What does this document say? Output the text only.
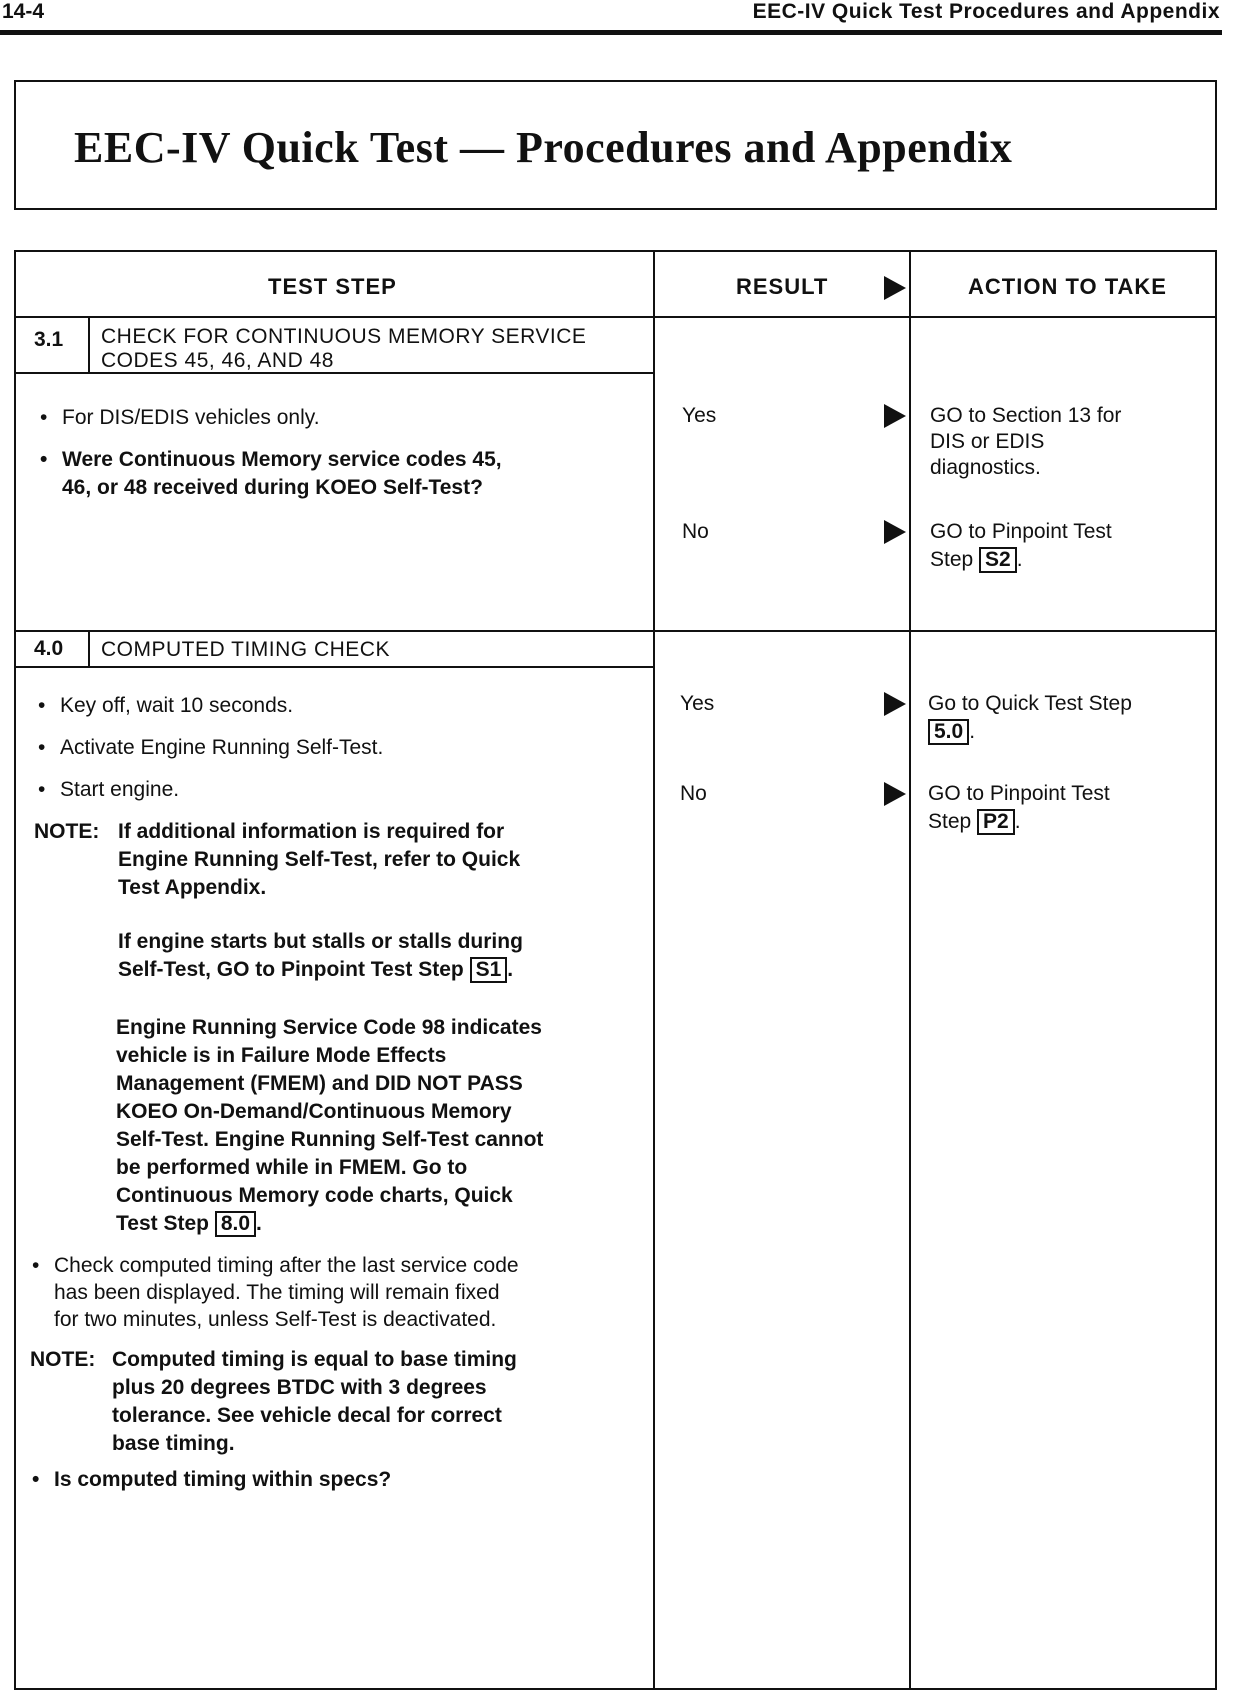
14-4	EEC-IV Quick Test Procedures and Appendix
EEC-IV Quick Test — Procedures and Appendix
TEST STEP	RESULT	ACTION TO TAKE
3.1 CHECK FOR CONTINUOUS MEMORY SERVICE
CODES 45, 46, AND 48
• For DIS/EDIS vehicles only.
• Were Continuous Memory service codes 45,
46, or 48 received during KOEO Self-Test?
Yes	GO to Section 13 for
DIS or EDIS
diagnostics.
No	GO to Pinpoint Test
Step S2 .
4.0 COMPUTED TIMING CHECK
• Key off, wait 10 seconds.
• Activate Engine Running Self-Test.
• Start engine.
NOTE: If additional information is required for
Engine Running Self-Test, refer to Quick
Test Appendix.
If engine starts but stalls or stalls during
Self-Test, GO to Pinpoint Test Step S1 .
Engine Running Service Code 98 indicates
vehicle is in Failure Mode Effects
Management (FMEM) and DID NOT PASS
KOEO On-Demand/Continuous Memory
Self-Test. Engine Running Self-Test cannot
be performed while in FMEM. Go to
Continuous Memory code charts, Quick
Test Step 8.0 .
• Check computed timing after the last service code
has been displayed. The timing will remain fixed
for two minutes, unless Self-Test is deactivated.
NOTE: Computed timing is equal to base timing
plus 20 degrees BTDC with 3 degrees
tolerance. See vehicle decal for correct
base timing.
• Is computed timing within specs?
Yes	Go to Quick Test Step
5.0 .
No	GO to Pinpoint Test
Step P2 .
